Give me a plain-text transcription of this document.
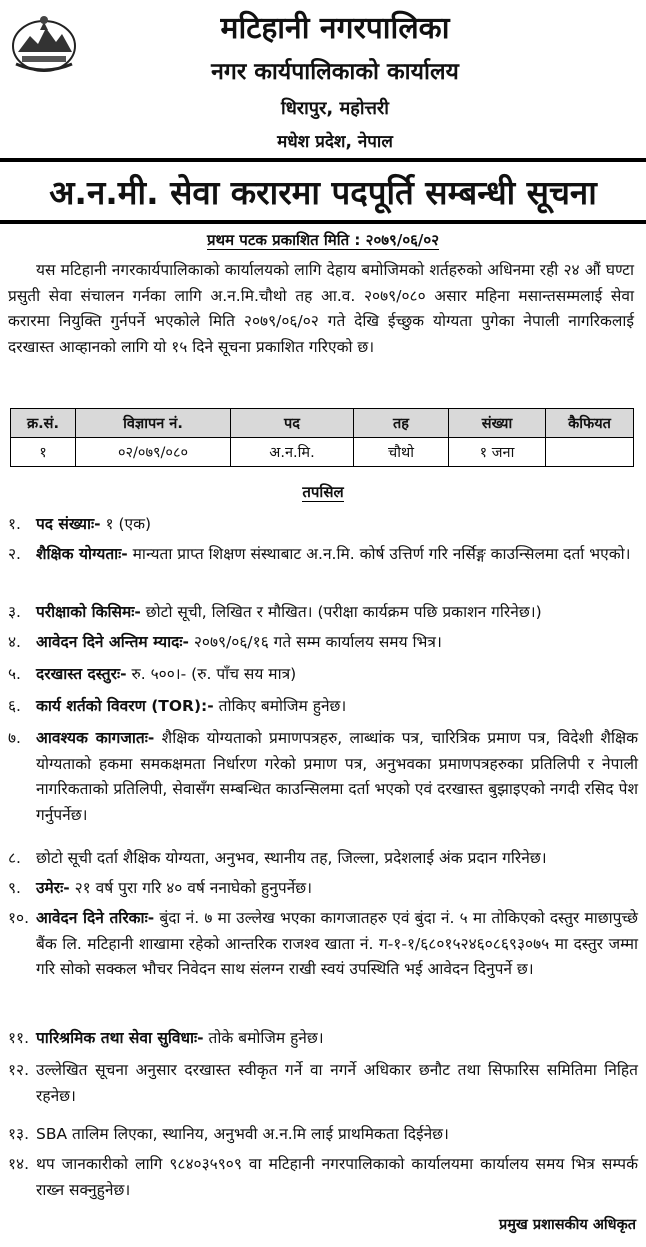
मटिहानी नगरपालिका
नगर कार्यपालिकाको कार्यालय
धिरापुर, महोत्तरी
मधेश प्रदेश, नेपाल
अ.न.मी. सेवा करारमा पदपूर्ति सम्बन्धी सूचना
प्रथम पटक प्रकाशित मिति : २०७९/०६/०२
यस मटिहानी नगरकार्यपालिकाको कार्यालयको लागि देहाय बमोजिमको शर्तहरुको अधिनमा रही २४ औं घण्टा प्रसुती सेवा संचालन गर्नका लागि अ.न.मि.चौथो तह आ.व. २०७९/०८० असार महिना मसान्तसम्मलाई सेवा करारमा नियुक्ति गुर्नपर्ने भएकोले मिति २०७९/०६/०२ गते देखि ईच्छुक योग्यता पुगेका नेपाली नागरिकलाई दरखास्त आव्हानको लागि यो १५ दिने सूचना प्रकाशित गरिएको छ।
क्र.सं.	विज्ञापन नं.	पद	तह	संख्या	कैफियत
१	०२/०७९/०८०	अ.न.मि.	चौथो	१ जना	
तपसिल
१. पद संख्याः- १ (एक)
२. शैक्षिक योग्यताः- मान्यता प्राप्त शिक्षण संस्थाबाट अ.न.मि. कोर्ष उत्तिर्ण गरि नर्सिङ्ग काउन्सिलमा दर्ता भएको।
३. परीक्षाको किसिमः- छोटो सूची, लिखित र मौखित। (परीक्षा कार्यक्रम पछि प्रकाशन गरिनेछ।)
४. आवेदन दिने अन्तिम म्यादः- २०७९/०६/१६ गते सम्म कार्यालय समय भित्र।
५. दरखास्त दस्तुरः- रु. ५००।- (रु. पाँच सय मात्र)
६. कार्य शर्तको विवरण (TOR):- तोकिए बमोजिम हुनेछ।
७. आवश्यक कागजातः- शैक्षिक योग्यताको प्रमाणपत्रहरु, लाब्धांक पत्र, चारित्रिक प्रमाण पत्र, विदेशी शैक्षिक योग्यताको हकमा समकक्षमता निर्धारण गरेको प्रमाण पत्र, अनुभवका प्रमाणपत्रहरुका प्रतिलिपी र नेपाली नागरिकताको प्रतिलिपी, सेवासँग सम्बन्धित काउन्सिलमा दर्ता भएको एवं दरखास्त बुझाइएको नगदी रसिद पेश गर्नुपर्नेछ।
८. छोटो सूची दर्ता शैक्षिक योग्यता, अनुभव, स्थानीय तह, जिल्ला, प्रदेशलाई अंक प्रदान गरिनेछ।
९. उमेरः- २१ वर्ष पुरा गरि ४० वर्ष ननाघेको हुनुपर्नेछ।
१०. आवेदन दिने तरिकाः- बुंदा नं. ७ मा उल्लेख भएका कागजातहरु एवं बुंदा नं. ५ मा तोकिएको दस्तुर माछापुच्छे बैंक लि. मटिहानी शाखामा रहेको आन्तरिक राजश्व खाता नं. ग-१-१/६८०१५२४६०८६९३०७५ मा दस्तुर जम्मा गरि सोको सक्कल भौचर निवेदन साथ संलग्न राखी स्वयं उपस्थिति भई आवेदन दिनुपर्ने छ।
११. पारिश्रमिक तथा सेवा सुविधाः- तोके बमोजिम हुनेछ।
१२. उल्लेखित सूचना अनुसार दरखास्त स्वीकृत गर्ने वा नगर्ने अधिकार छनौट तथा सिफारिस समितिमा निहित रहनेछ।
१३. SBA तालिम लिएका, स्थानिय, अनुभवी अ.न.मि लाई प्राथमिकता दिईनेछ।
१४. थप जानकारीको लागि ९८४०३५९०९ वा मटिहानी नगरपालिकाको कार्यालयमा कार्यालय समय भित्र सम्पर्क राख्न सक्नुहुनेछ।
प्रमुख प्रशासकीय अधिकृत
